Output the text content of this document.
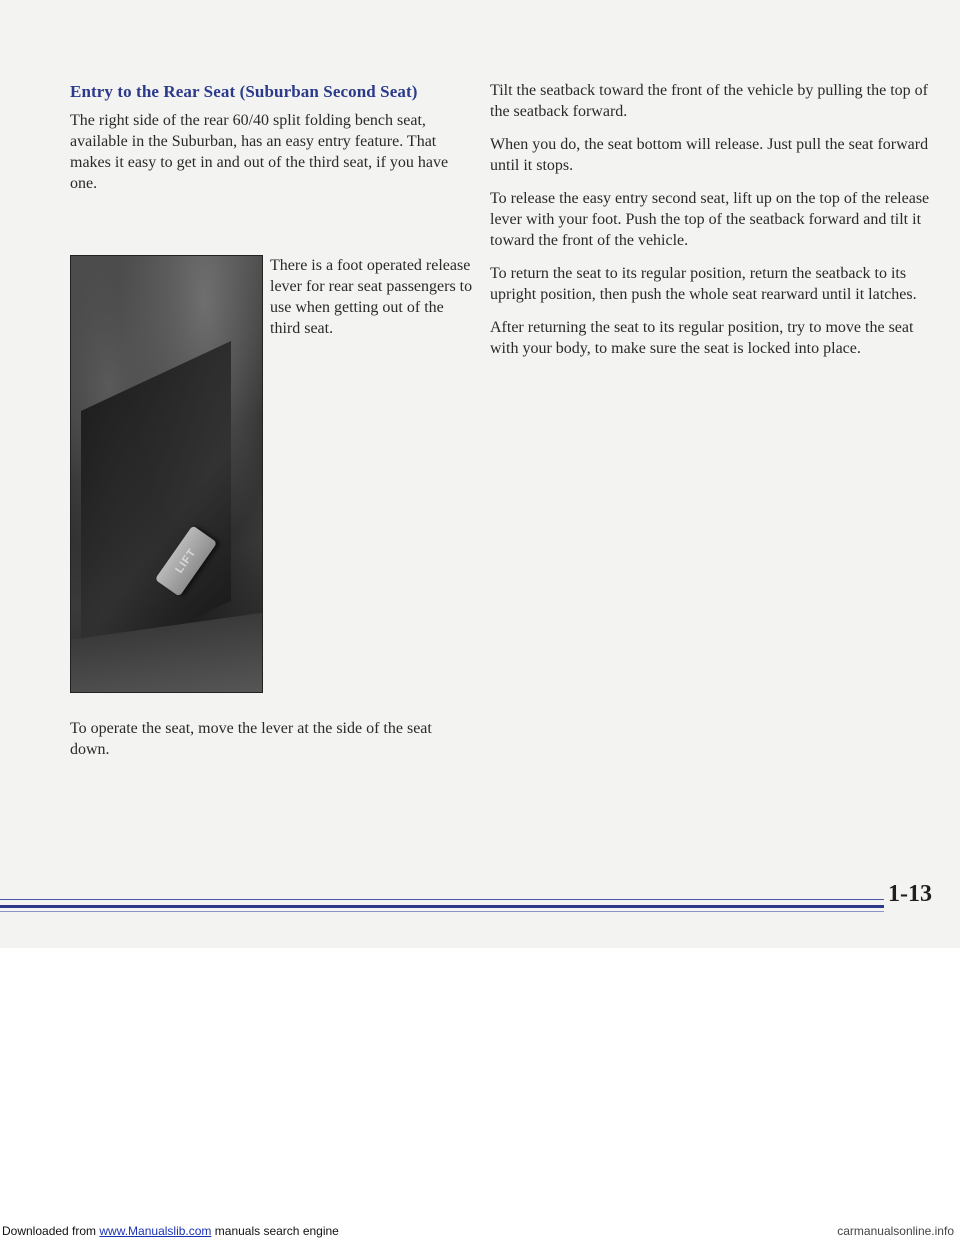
Entry to the Rear Seat (Suburban Second Seat)

The right side of the rear 60/40 split folding bench seat, available in the Suburban, has an easy entry feature. That makes it easy to get in and out of the third seat, if you have one.

LIFT

There is a foot operated release lever for rear seat passengers to use when getting out of the third seat.

To operate the seat, move the lever at the side of the seat down.

Tilt the seatback toward the front of the vehicle by pulling the top of the seatback forward.

When you do, the seat bottom will release. Just pull the seat forward until it stops.

To release the easy entry second seat, lift up on the top of the release lever with your foot. Push the top of the seatback forward and tilt it toward the front of the vehicle.

To return the seat to its regular position, return the seatback to its upright position, then push the whole seat rearward until it latches.

After returning the seat to its regular position, try to move the seat with your body, to make sure the seat is locked into place.

1-13

Downloaded from www.Manualslib.com manuals search engine	carmanualsonline.info
